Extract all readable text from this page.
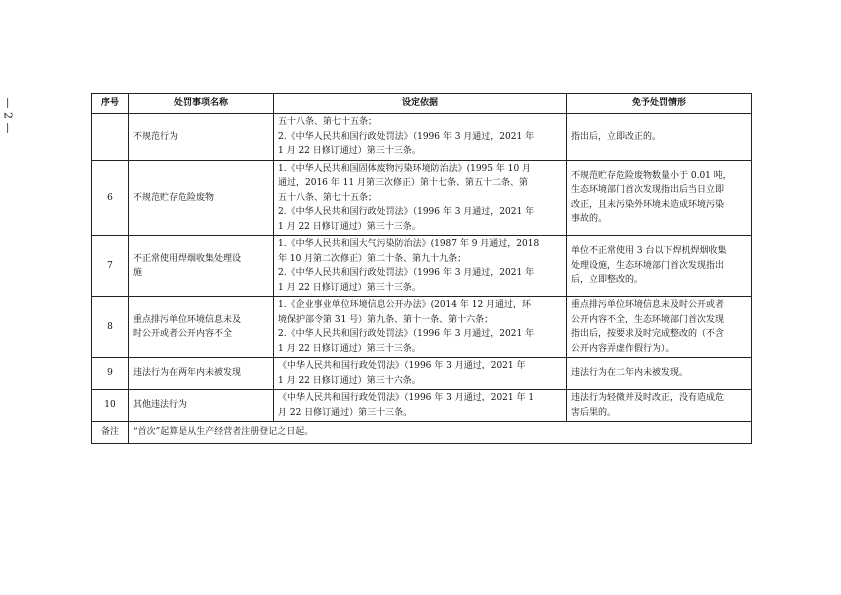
— 2 —	序号	处罚事项名称	设定依据	免予处罚情形

	不规范行为	五十八条、第七十五条；
2.《中华人民共和国行政处罚法》（1996 年 3 月通过，2021 年
1 月 22 日修订通过）第三十三条。	指出后，立即改正的。

6	不规范贮存危险废物	1.《中华人民共和国固体废物污染环境防治法》(1995 年 10 月
通过，2016 年 11 月第三次修正）第十七条、第五十二条、第
五十八条、第七十五条；
2.《中华人民共和国行政处罚法》（1996 年 3 月通过，2021 年
1 月 22 日修订通过）第三十三条。	不规范贮存危险废物数量小于 0.01 吨，
生态环境部门首次发现指出后当日立即
改正，且未污染外环境未造成环境污染
事故的。

7	不正常使用焊烟收集处理设
施	1.《中华人民共和国大气污染防治法》(1987 年 9 月通过，2018
年 10 月第二次修正）第二十条、第九十九条；
2.《中华人民共和国行政处罚法》（1996 年 3 月通过，2021 年
1 月 22 日修订通过）第三十三条。	单位不正常使用 3 台以下焊机焊烟收集
处理设施，生态环境部门首次发现指出
后，立即整改的。

8	重点排污单位环境信息未及
时公开或者公开内容不全	1.《企业事业单位环境信息公开办法》(2014 年 12 月通过，环
境保护部令第 31 号）第九条、第十一条、第十六条；
2.《中华人民共和国行政处罚法》（1996 年 3 月通过，2021 年
1 月 22 日修订通过）第三十三条。	重点排污单位环境信息未及时公开或者
公开内容不全，生态环境部门首次发现
指出后，按要求及时完成整改的（不含
公开内容弄虚作假行为）。

9	违法行为在两年内未被发现	《中华人民共和国行政处罚法》（1996 年 3 月通过，2021 年
1 月 22 日修订通过）第三十六条。	违法行为在二年内未被发现。

10	其他违法行为	《中华人民共和国行政处罚法》（1996 年 3 月通过，2021 年 1
月 22 日修订通过）第三十三条。	违法行为轻微并及时改正，没有造成危
害后果的。

备注	“首次”起算是从生产经营者注册登记之日起。		
